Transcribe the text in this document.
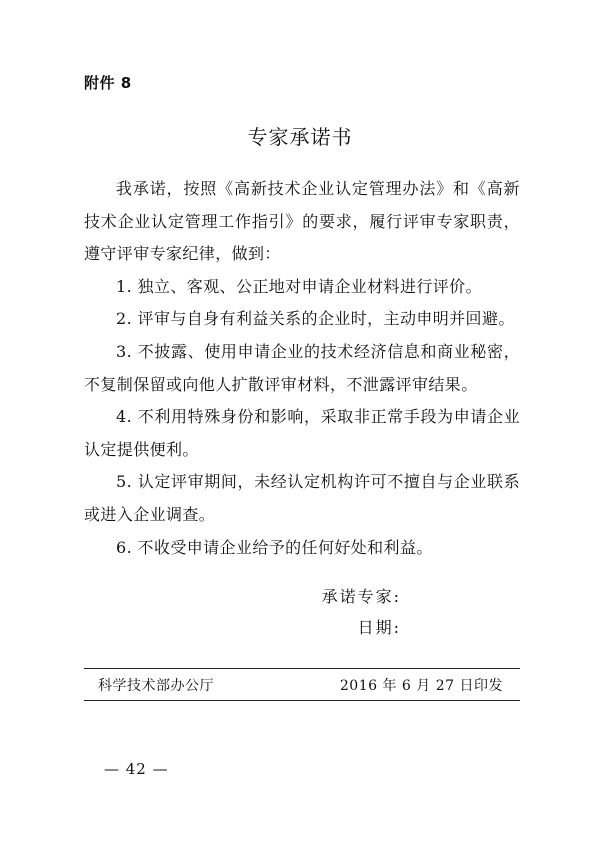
附件 8
专家承诺书

我承诺，按照《高新技术企业认定管理办法》和《高新技术企业认定管理工作指引》的要求，履行评审专家职责，遵守评审专家纪律，做到：

1. 独立、客观、公正地对申请企业材料进行评价。

2. 评审与自身有利益关系的企业时，主动申明并回避。

3. 不披露、使用申请企业的技术经济信息和商业秘密，不复制保留或向他人扩散评审材料，不泄露评审结果。

4. 不利用特殊身份和影响，采取非正常手段为申请企业认定提供便利。

5. 认定评审期间，未经认定机构许可不擅自与企业联系或进入企业调查。

6. 不收受申请企业给予的任何好处和利益。

承诺专家:
日期:
科学技术部办公厅	2016 年 6 月 27 日印发
— 42 —
